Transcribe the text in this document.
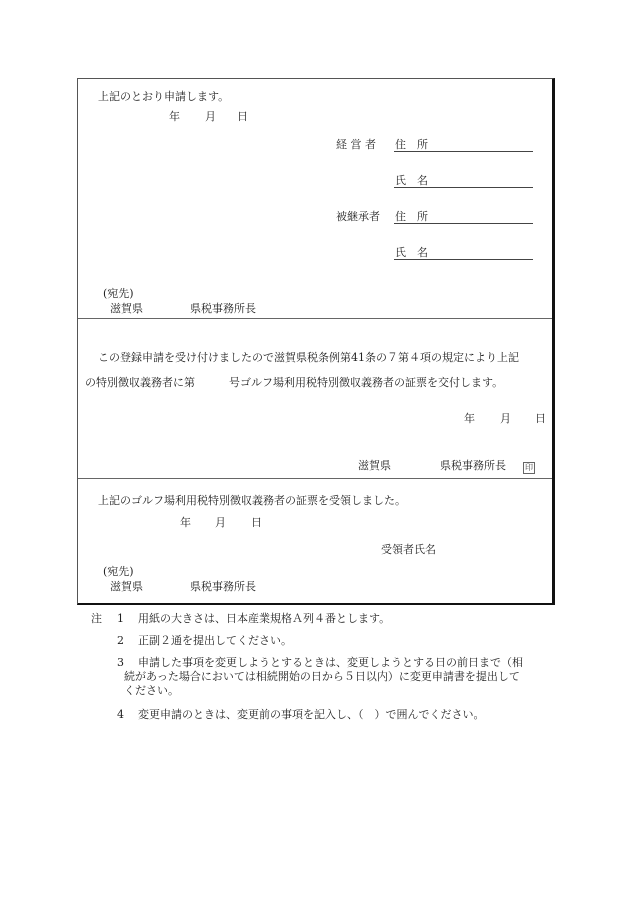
上記のとおり申請します。
年 月 日
経 営 者 住　所
氏　名
被継承者 住　所
氏　名
(宛先)
滋賀県	県税事務所長
この登録申請を受け付けましたので滋賀県税条例第41条の７第４項の規定により上記
の特別徴収義務者に第	号ゴルフ場利用税特別徴収義務者の証票を交付します。
年 月 日
滋賀県	県税事務所長 印
上記のゴルフ場利用税特別徴収義務者の証票を受領しました。
年 月 日
受領者氏名
(宛先)
滋賀県	県税事務所長
注 1 用紙の大きさは、日本産業規格Ａ列４番とします。
2 正副２通を提出してください。
3 申請した事項を変更しようとするときは、変更しようとする日の前日まで（相
続があった場合においては相続開始の日から５日以内）に変更申請書を提出して
ください。
4 変更申請のときは、変更前の事項を記入し、（　）で囲んでください。
